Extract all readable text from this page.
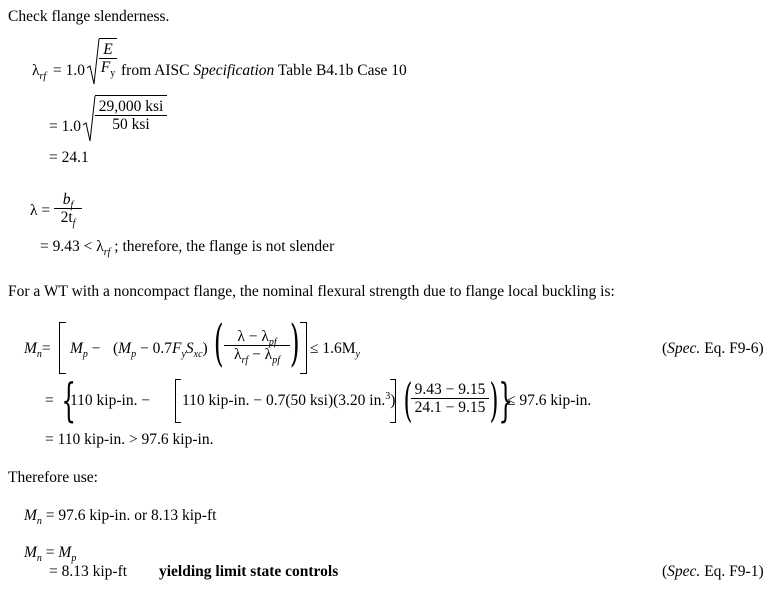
Check flange slenderness.
$\lambda_{rf} = 1.0 \frac{E}{F_y}$ from AISC Specification Table B4.1b Case 10
= 1.0
29,000 ksi
50 ksi
= 24.1
$\lambda = \frac{b_f}{2t_f}$
= $9.43 < \lambda_{rf}$ ; therefore, the flange is not slender
For a WT with a noncompact flange, the nominal flexural strength due to flange local buckling is:
$M_n= M_p - (M_p - 0.7F_yS_{xc})$ ( $\lambda - \lambda_{pf}$
$\lambda_{rf} - \lambda_{pf}$ ) ≤ $1.6M_y$	(Spec. Eq. F9-6)
= {
110 kip-in. − 110 kip-in. − 0.7(50 ksi)(3.20 in.$^3$) (
$\frac{9.43 - 9.15}{24.1 - 9.15}$ ) }
≤ 97.6 kip-in.
= 110 kip-in. > 97.6 kip-in.
Therefore use:
$M_n = 97.6$ kip-in. or 8.13 kip-ft
$M_n = M_p$
= 8.13 kip-ft yielding limit state controls	(Spec. Eq. F9-1)
